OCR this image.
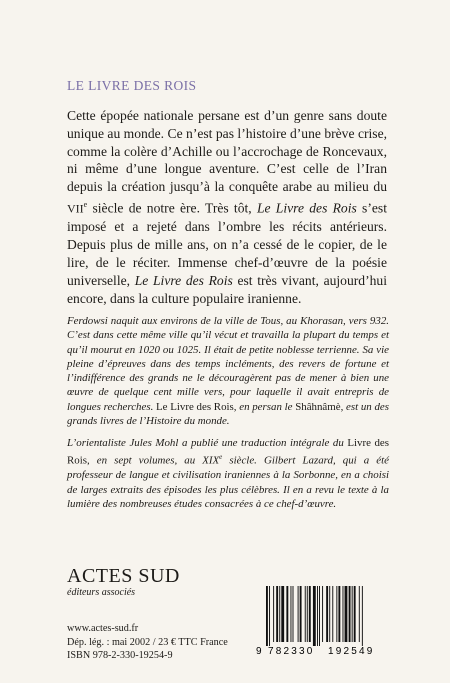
LE LIVRE DES ROIS

Cette épopée nationale persane est d’un genre sans doute unique au monde. Ce n’est pas l’histoire d’une brève crise, comme la colère d’Achille ou l’accrochage de Roncevaux, ni même d’une longue aventure. C’est celle de l’Iran depuis la création jusqu’à la conquête arabe au milieu du VIIe siècle de notre ère. Très tôt, Le Livre des Rois s’est imposé et a rejeté dans l’ombre les récits antérieurs. Depuis plus de mille ans, on n’a cessé de le copier, de le lire, de le réciter. Immense chef-d’œuvre de la poésie universelle, Le Livre des Rois est très vivant, aujourd’hui encore, dans la culture populaire iranienne.

Ferdowsi naquit aux environs de la ville de Tous, au Khorasan, vers 932. C’est dans cette même ville qu’il vécut et travailla la plupart du temps et qu’il mourut en 1020 ou 1025. Il était de petite noblesse terrienne. Sa vie pleine d’épreuves dans des temps incléments, des revers de fortune et l’indifférence des grands ne le découragèrent pas de mener à bien une œuvre de quelque cent mille vers, pour laquelle il avait entrepris de longues recherches. Le Livre des Rois, en persan le Shâhnâmè, est un des grands livres de l’Histoire du monde.

L’orientaliste Jules Mohl a publié une traduction intégrale du Livre des Rois, en sept volumes, au XIXe siècle. Gilbert Lazard, qui a été professeur de langue et civilisation iraniennes à la Sorbonne, en a choisi de larges extraits des épisodes les plus célèbres. Il en a revu le texte à la lumière des nombreuses études consacrées à ce chef-d’œuvre.

ACTES SUD
éditeurs associés
www.actes-sud.fr
Dép. lég. : mai 2002 / 23 € TTC France
ISBN 978-2-330-19254-9	9 782330 192549
